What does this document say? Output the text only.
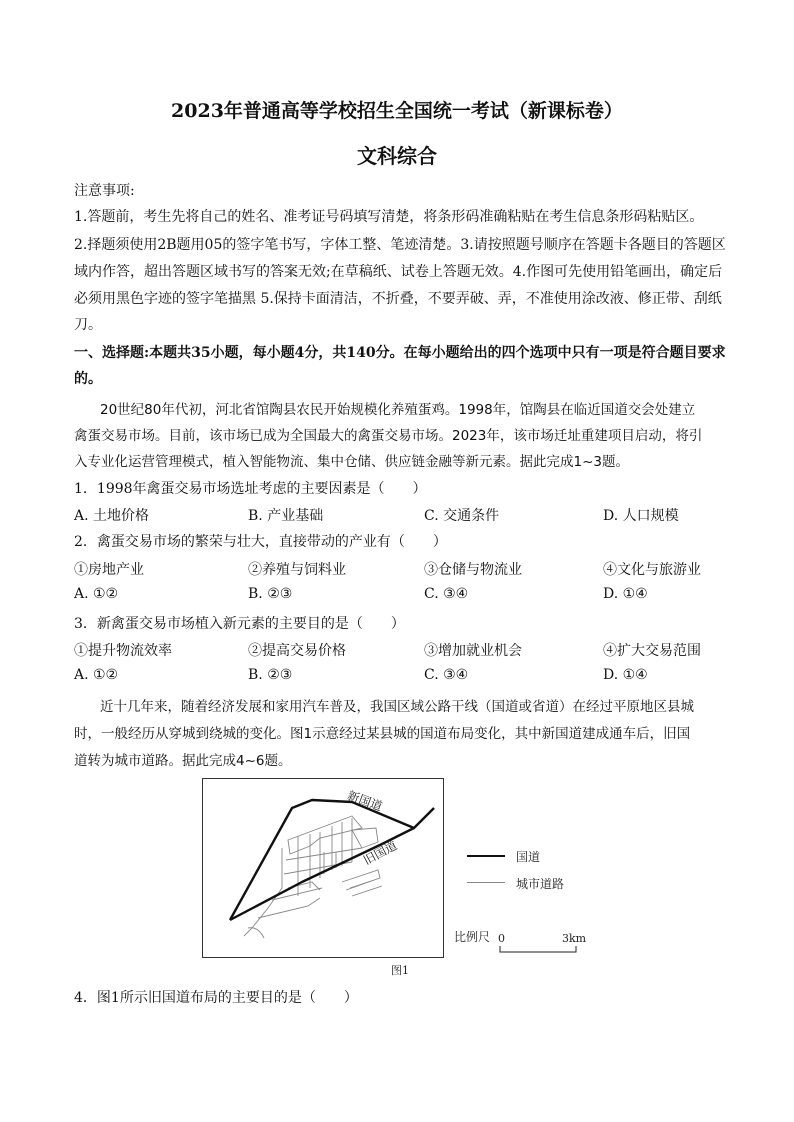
2023年普通高等学校招生全国统一考试（新课标卷）
文科综合
注意事项:
1.答题前，考生先将自己的姓名、准考证号码填写清楚，将条形码准确粘贴在考生信息条形码粘贴区。
2.择题须使用2B题用05的签字笔书写，字体工整、笔迹清楚。3.请按照题号顺序在答题卡各题目的答题区
域内作答，超出答题区域书写的答案无效;在草稿纸、试卷上答题无效。4.作图可先使用铅笔画出，确定后
必须用黑色字迹的签字笔描黑 5.保持卡面清洁，不折叠，不要弄破、弄，不准使用涂改液、修正带、刮纸
刀。
一、选择题:本题共35小题，每小题4分，共140分。在每小题给出的四个选项中只有一项是符合题目要求
的。
20世纪80年代初，河北省馆陶县农民开始规模化养殖蛋鸡。1998年，馆陶县在临近国道交会处建立
禽蛋交易市场。目前，该市场已成为全国最大的禽蛋交易市场。2023年，该市场迁址重建项目启动，将引
入专业化运营管理模式，植入智能物流、集中仓储、供应链金融等新元素。据此完成1~3题。
1．1998年禽蛋交易市场选址考虑的主要因素是（　　）
A. 土地价格	B. 产业基础	C. 交通条件	D. 人口规模
2．禽蛋交易市场的繁荣与壮大，直接带动的产业有（　　）
①房地产业	②养殖与饲料业	③仓储与物流业	④文化与旅游业
A. ①②	B. ②③	C. ③④	D. ①④
3．新禽蛋交易市场植入新元素的主要目的是（　　）
①提升物流效率	②提高交易价格	③增加就业机会	④扩大交易范围
A. ①②	B. ②③	C. ③④	D. ①④
近十几年来，随着经济发展和家用汽车普及，我国区域公路干线（国道或省道）在经过平原地区县城
时，一般经历从穿城到绕城的变化。图1示意经过某县城的国道布局变化，其中新国道建成通车后，旧国
道转为城市道路。据此完成4~6题。
新国道
旧国道	国道
城市道路
比例尺 0	3km
图1
4．图1所示旧国道布局的主要目的是（　　）
